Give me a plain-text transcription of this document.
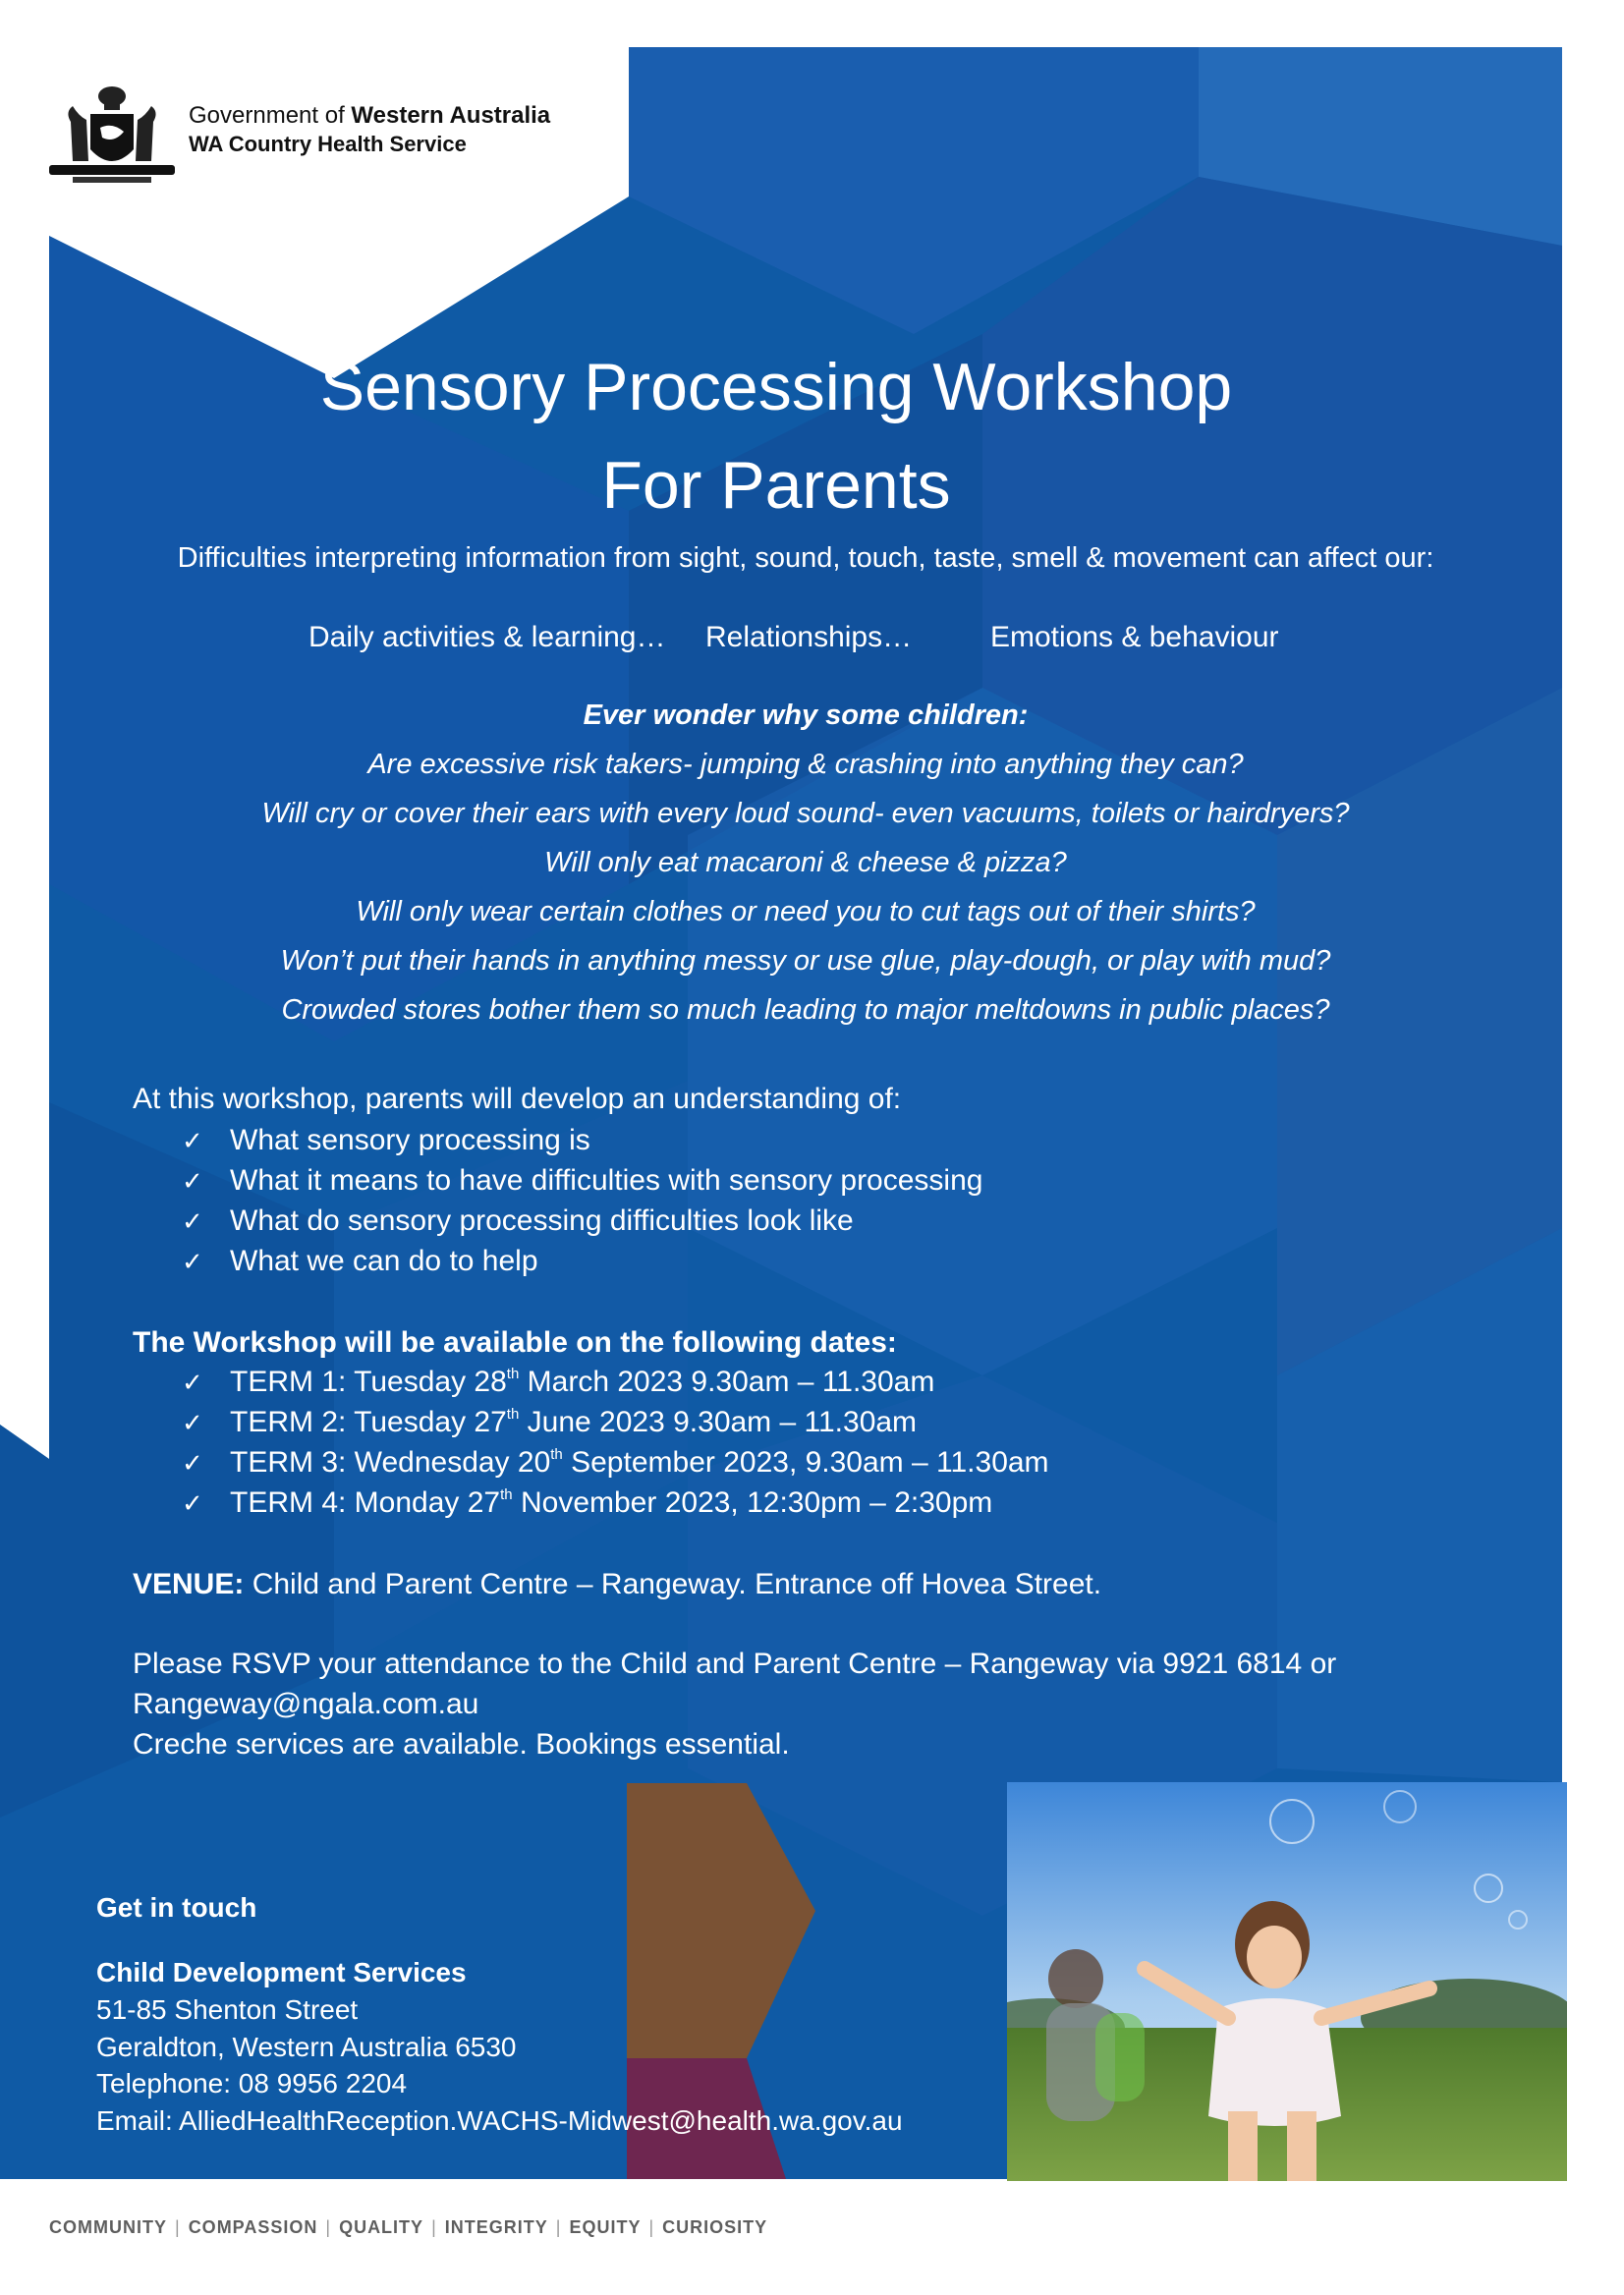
Government of Western Australia
WA Country Health Service
Sensory Processing Workshop
For Parents
Difficulties interpreting information from sight, sound, touch, taste, smell & movement can affect our:
Daily activities & learning… Relationships…	Emotions & behaviour
Ever wonder why some children:
Are excessive risk takers- jumping & crashing into anything they can?
Will cry or cover their ears with every loud sound- even vacuums, toilets or hairdryers?
Will only eat macaroni & cheese & pizza?
Will only wear certain clothes or need you to cut tags out of their shirts?
Won’t put their hands in anything messy or use glue, play-dough, or play with mud?
Crowded stores bother them so much leading to major meltdowns in public places?
At this workshop, parents will develop an understanding of:
✓ What sensory processing is
✓ What it means to have difficulties with sensory processing
✓ What do sensory processing difficulties look like
✓ What we can do to help
The Workshop will be available on the following dates:
✓ TERM 1: Tuesday 28th March 2023 9.30am – 11.30am
✓ TERM 2: Tuesday 27th June 2023 9.30am – 11.30am
✓ TERM 3: Wednesday 20th September 2023, 9.30am – 11.30am
✓ TERM 4: Monday 27th November 2023, 12:30pm – 2:30pm
VENUE: Child and Parent Centre – Rangeway. Entrance off Hovea Street.
Please RSVP your attendance to the Child and Parent Centre – Rangeway via 9921 6814 or
Rangeway@ngala.com.au
Creche services are available. Bookings essential.
Get in touch
Child Development Services
51-85 Shenton Street
Geraldton, Western Australia 6530
Telephone: 08 9956 2204
Email: AlliedHealthReception.WACHS-Midwest@health.wa.gov.au
COMMUNITY | COMPASSION | QUALITY | INTEGRITY | EQUITY | CURIOSITY
